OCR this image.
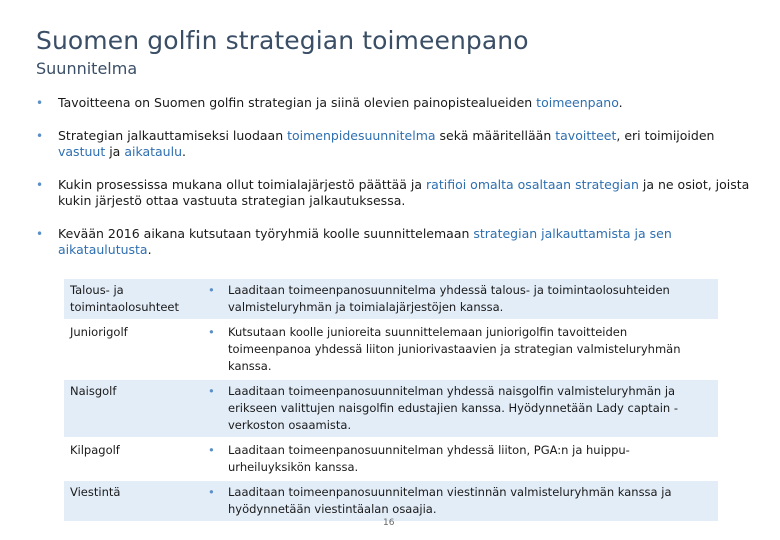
Suomen golfin strategian toimeenpano
Suunnitelma
• Tavoitteena on Suomen golfin strategian ja siinä olevien painopistealueiden toimeenpano.
• Strategian jalkauttamiseksi luodaan toimenpidesuunnitelma sekä määritellään tavoitteet, eri toimijoiden vastuut ja aikataulu.
• Kukin prosessissa mukana ollut toimialajärjestö päättää ja ratifioi omalta osaltaan strategian ja ne osiot, joista kukin järjestö ottaa vastuuta strategian jalkautuksessa.
• Kevään 2016 aikana kutsutaan työryhmiä koolle suunnittelemaan strategian jalkauttamista ja sen aikataulutusta.
Talous- ja toimintaolosuhteet	•	Laaditaan toimeenpanosuunnitelma yhdessä talous- ja toimintaolosuhteiden valmisteluryhmän ja toimialajärjestöjen kanssa.
Juniorigolf	•	Kutsutaan koolle junioreita suunnittelemaan juniorigolfin tavoitteiden toimeenpanoa yhdessä liiton juniorivastaavien ja strategian valmisteluryhmän kanssa.
Naisgolf	•	Laaditaan toimeenpanosuunnitelman yhdessä naisgolfin valmisteluryhmän ja erikseen valittujen naisgolfin edustajien kanssa. Hyödynnetään Lady captain -verkoston osaamista.
Kilpagolf	•	Laaditaan toimeenpanosuunnitelman yhdessä liiton, PGA:n ja huippu-urheiluyksikön kanssa.
Viestintä	•	Laaditaan toimeenpanosuunnitelman viestinnän valmisteluryhmän kanssa ja hyödynnetään viestintäalan osaajia.
16
